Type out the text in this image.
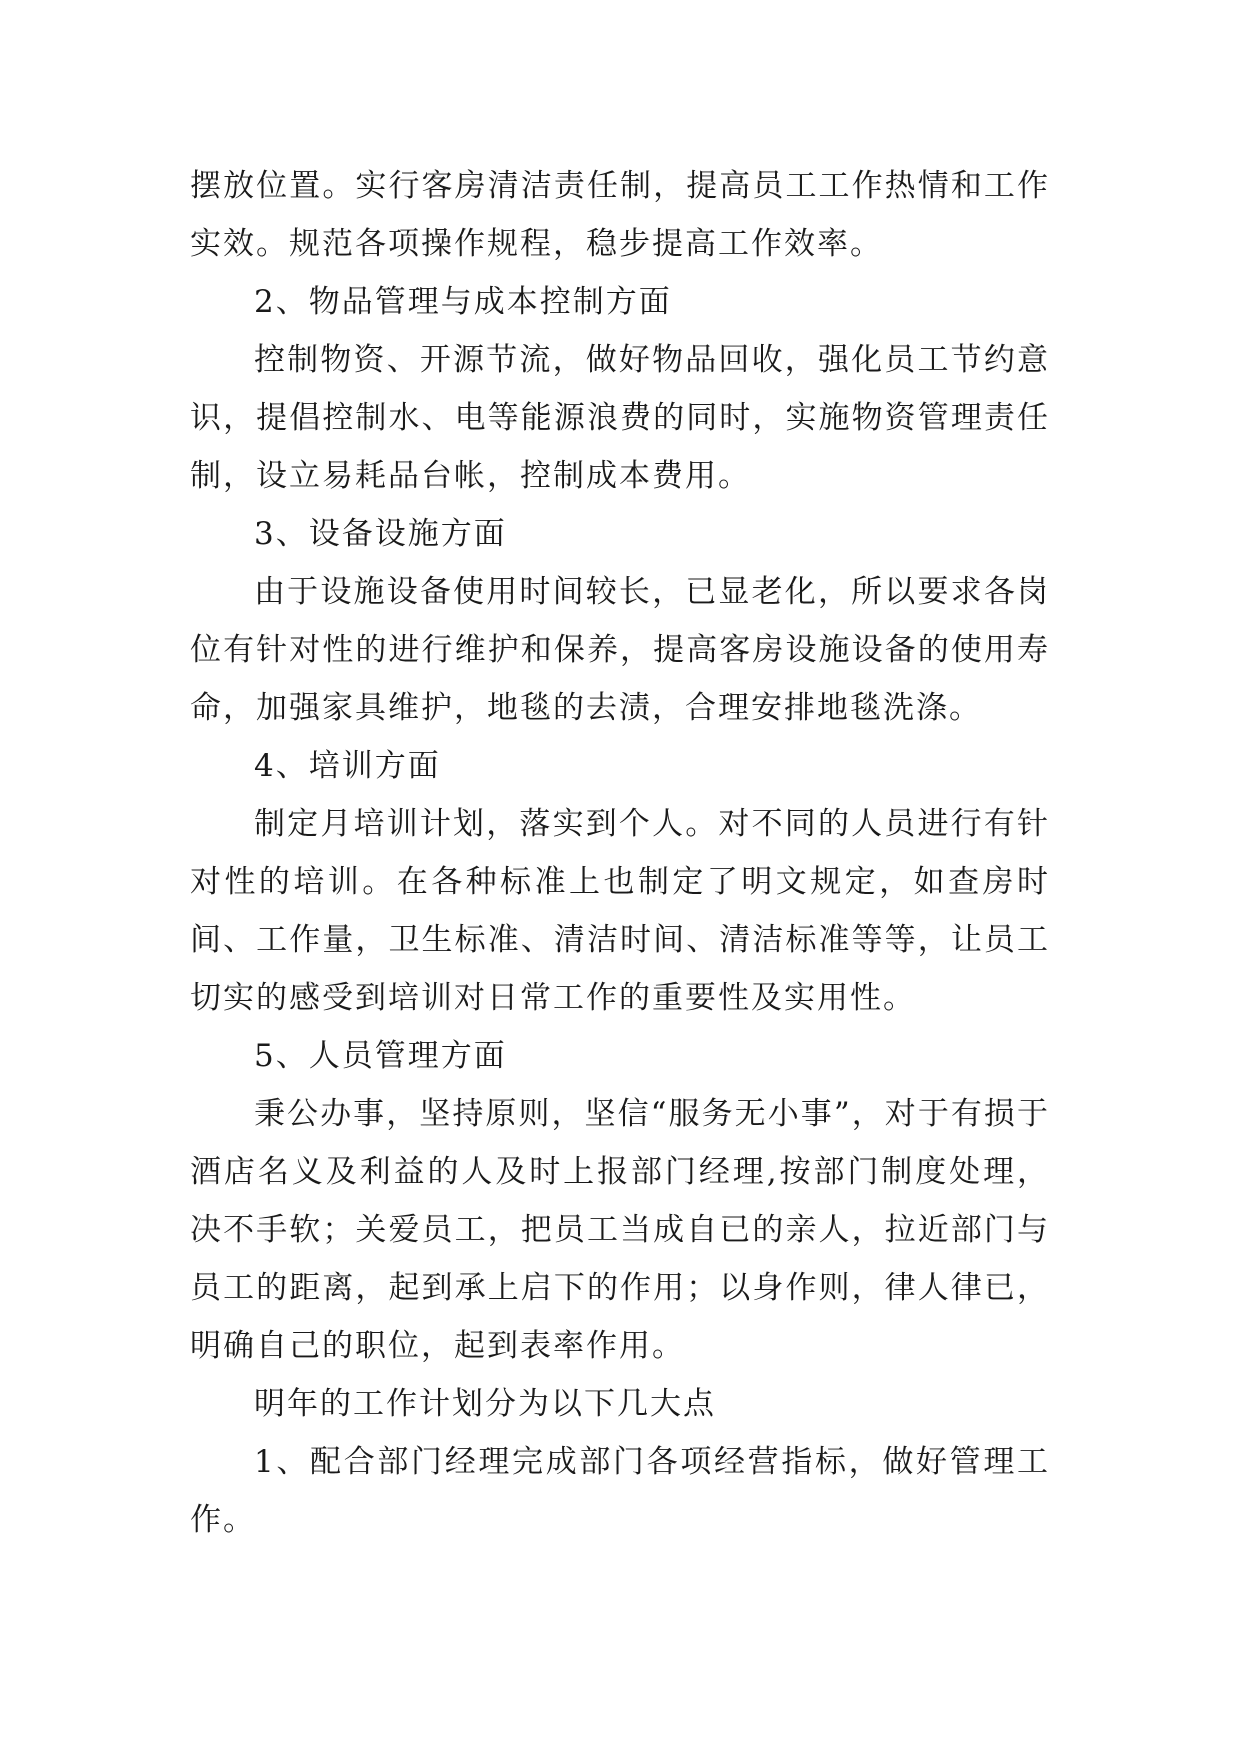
摆放位置。实行客房清洁责任制，提高员工工作热情和工作实效。规范各项操作规程，稳步提高工作效率。

2、物品管理与成本控制方面

控制物资、开源节流，做好物品回收，强化员工节约意识，提倡控制水、电等能源浪费的同时，实施物资管理责任制，设立易耗品台帐，控制成本费用。

3、设备设施方面

由于设施设备使用时间较长，已显老化，所以要求各岗位有针对性的进行维护和保养，提高客房设施设备的使用寿命，加强家具维护，地毯的去渍，合理安排地毯洗涤。

4、培训方面

制定月培训计划，落实到个人。对不同的人员进行有针对性的培训。在各种标准上也制定了明文规定，如查房时间、工作量，卫生标准、清洁时间、清洁标准等等，让员工切实的感受到培训对日常工作的重要性及实用性。

5、人员管理方面

秉公办事，坚持原则，坚信“服务无小事”，对于有损于酒店名义及利益的人及时上报部门经理,按部门制度处理，决不手软；关爱员工，把员工当成自已的亲人，拉近部门与员工的距离，起到承上启下的作用；以身作则，律人律已，明确自己的职位，起到表率作用。

明年的工作计划分为以下几大点

1、配合部门经理完成部门各项经营指标，做好管理工作。
